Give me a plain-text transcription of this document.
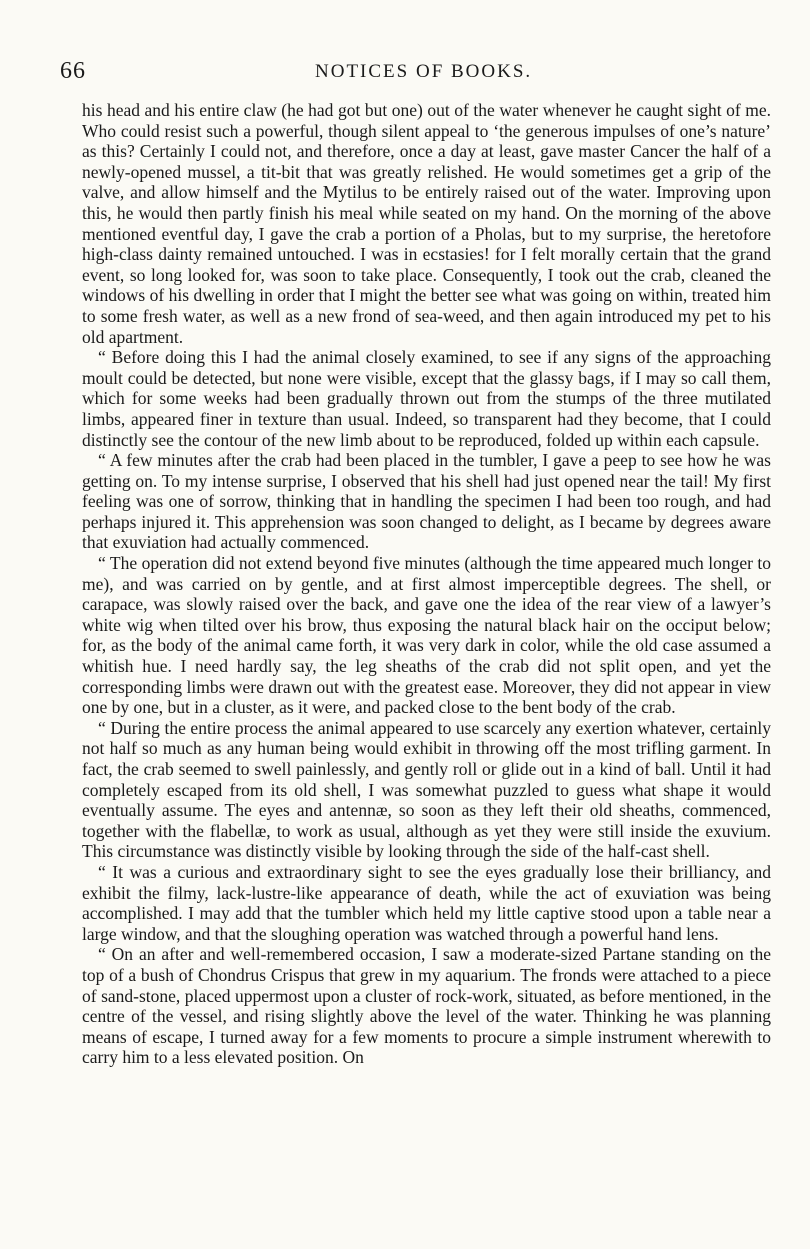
66	NOTICES OF BOOKS.

his head and his entire claw (he had got but one) out of the water whenever he caught sight of me. Who could resist such a powerful, though silent appeal to ‘the generous impulses of one’s nature’ as this? Certainly I could not, and therefore, once a day at least, gave master Cancer the half of a newly-opened mussel, a tit-bit that was greatly relished. He would sometimes get a grip of the valve, and allow himself and the Mytilus to be entirely raised out of the water. Improving upon this, he would then partly finish his meal while seated on my hand. On the morning of the above mentioned eventful day, I gave the crab a portion of a Pholas, but to my surprise, the heretofore high-class dainty remained untouched. I was in ecstasies! for I felt morally certain that the grand event, so long looked for, was soon to take place. Consequently, I took out the crab, cleaned the windows of his dwelling in order that I might the better see what was going on within, treated him to some fresh water, as well as a new frond of sea-weed, and then again introduced my pet to his old apartment.

“ Before doing this I had the animal closely examined, to see if any signs of the approaching moult could be detected, but none were visible, except that the glassy bags, if I may so call them, which for some weeks had been gradually thrown out from the stumps of the three mutilated limbs, appeared finer in texture than usual. Indeed, so transparent had they become, that I could distinctly see the contour of the new limb about to be reproduced, folded up within each capsule.

“ A few minutes after the crab had been placed in the tumbler, I gave a peep to see how he was getting on. To my intense surprise, I observed that his shell had just opened near the tail! My first feeling was one of sorrow, thinking that in handling the specimen I had been too rough, and had perhaps injured it. This apprehension was soon changed to delight, as I became by degrees aware that exuviation had actually commenced.

“ The operation did not extend beyond five minutes (although the time appeared much longer to me), and was carried on by gentle, and at first almost imperceptible degrees. The shell, or carapace, was slowly raised over the back, and gave one the idea of the rear view of a lawyer’s white wig when tilted over his brow, thus exposing the natural black hair on the occiput below; for, as the body of the animal came forth, it was very dark in color, while the old case assumed a whitish hue. I need hardly say, the leg sheaths of the crab did not split open, and yet the corresponding limbs were drawn out with the greatest ease. Moreover, they did not appear in view one by one, but in a cluster, as it were, and packed close to the bent body of the crab.

“ During the entire process the animal appeared to use scarcely any exertion whatever, certainly not half so much as any human being would exhibit in throwing off the most trifling garment. In fact, the crab seemed to swell painlessly, and gently roll or glide out in a kind of ball. Until it had completely escaped from its old shell, I was somewhat puzzled to guess what shape it would eventually assume. The eyes and antennæ, so soon as they left their old sheaths, commenced, together with the flabellæ, to work as usual, although as yet they were still inside the exuvium. This circumstance was distinctly visible by looking through the side of the half-cast shell.

“ It was a curious and extraordinary sight to see the eyes gradually lose their brilliancy, and exhibit the filmy, lack-lustre-like appearance of death, while the act of exuviation was being accomplished. I may add that the tumbler which held my little captive stood upon a table near a large window, and that the sloughing operation was watched through a powerful hand lens.

“ On an after and well-remembered occasion, I saw a moderate-sized Partane standing on the top of a bush of Chondrus Crispus that grew in my aquarium. The fronds were attached to a piece of sand-stone, placed uppermost upon a cluster of rock-work, situated, as before mentioned, in the centre of the vessel, and rising slightly above the level of the water. Thinking he was planning means of escape, I turned away for a few moments to procure a simple instrument wherewith to carry him to a less elevated position. On
